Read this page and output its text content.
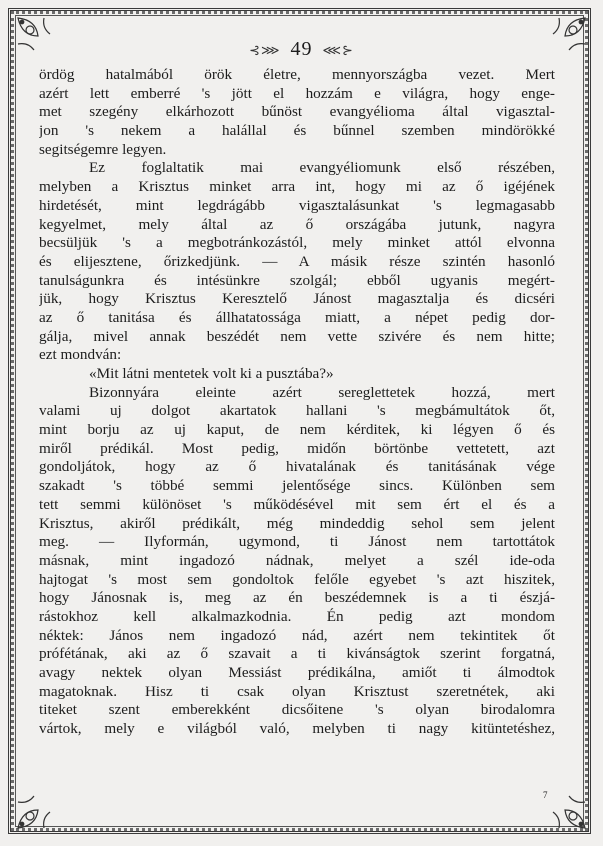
⊰⋙ 49 ⋘⊱
ördög hatalmából örök életre, mennyországba vezet. Mert
azért lett emberré 's jött el hozzám e világra, hogy enge-
met szegény elkárhozott bűnöst evangyélioma által vigasztal-
jon 's nekem a halállal és bűnnel szemben mindörökké
segitségemre legyen.
Ez foglaltatik mai evangyéliomunk első részében,
melyben a Krisztus minket arra int, hogy mi az ő igéjének
hirdetését, mint legdrágább vigasztalásunkat 's legmagasabb
kegyelmet, mely által az ő országába jutunk, nagyra
becsüljük 's a megbotránkozástól, mely minket attól elvonna
és elijesztene, őrizkedjünk. — A másik része szintén hasonló
tanulságunkra és intésünkre szolgál; ebből ugyanis megért-
jük, hogy Krisztus Keresztelő Jánost magasztalja és dicséri
az ő tanitása és állhatatossága miatt, a népet pedig dor-
gálja, mivel annak beszédét nem vette szivére és nem hitte;
ezt mondván:
«Mit látni mentetek volt ki a pusztába?»
Bizonnyára eleinte azért sereglettetek hozzá, mert
valami uj dolgot akartatok hallani 's megbámultátok őt,
mint borju az uj kaput, de nem kérditek, ki légyen ő és
miről prédikál. Most pedig, midőn börtönbe vettetett, azt
gondoljátok, hogy az ő hivatalának és tanitásának vége
szakadt 's többé semmi jelentősége sincs. Különben sem
tett semmi különöset 's működésével mit sem ért el és a
Krisztus, akiről prédikált, még mindeddig sehol sem jelent
meg. — Ilyformán, ugymond, ti Jánost nem tartottátok
másnak, mint ingadozó nádnak, melyet a szél ide-oda
hajtogat 's most sem gondoltok felőle egyebet 's azt hiszitek,
hogy Jánosnak is, meg az én beszédemnek is a ti észjá-
rástokhoz kell alkalmazkodnia. Én pedig azt mondom
néktek: János nem ingadozó nád, azért nem tekintitek őt
prófétának, aki az ő szavait a ti kivánságtok szerint forgatná,
avagy nektek olyan Messiást prédikálna, amiőt ti álmodtok
magatoknak. Hisz ti csak olyan Krisztust szeretnétek, aki
titeket szent emberekként dicsőitene 's olyan birodalomra
vártok, mely e világból való, melyben ti nagy kitüntetéshez,
7
